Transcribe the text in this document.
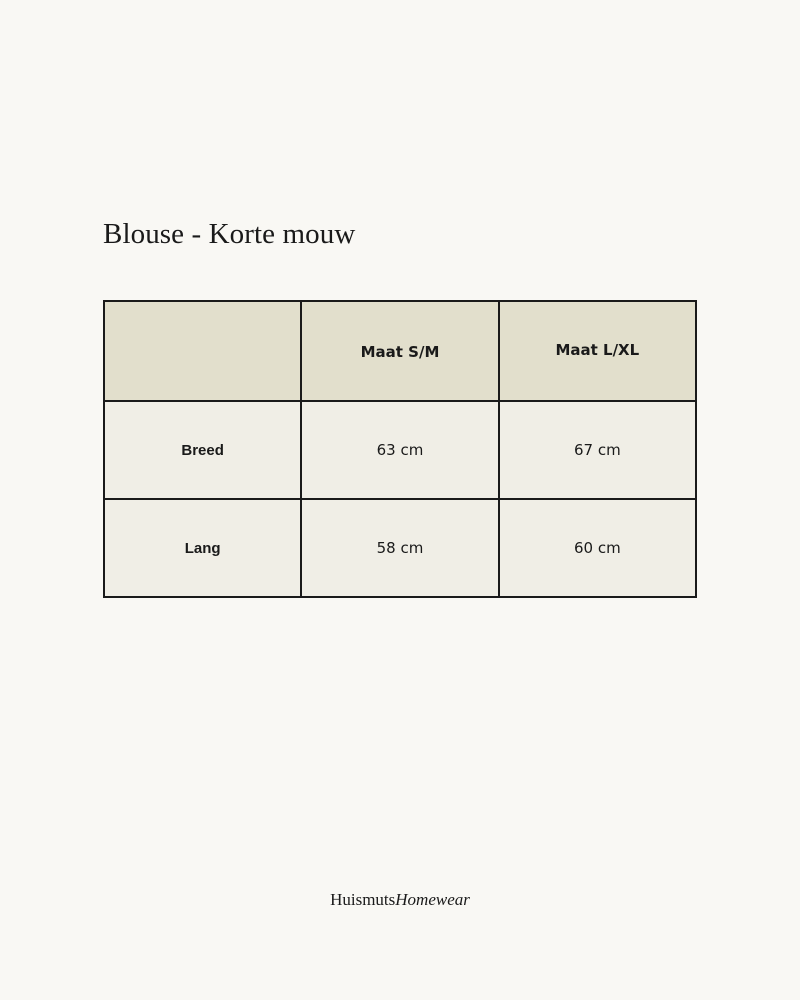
Blouse - Korte mouw
	Maat S/M	Maat L/XL
Breed	63 cm	67 cm
Lang	58 cm	60 cm
HuismutsHomewear
